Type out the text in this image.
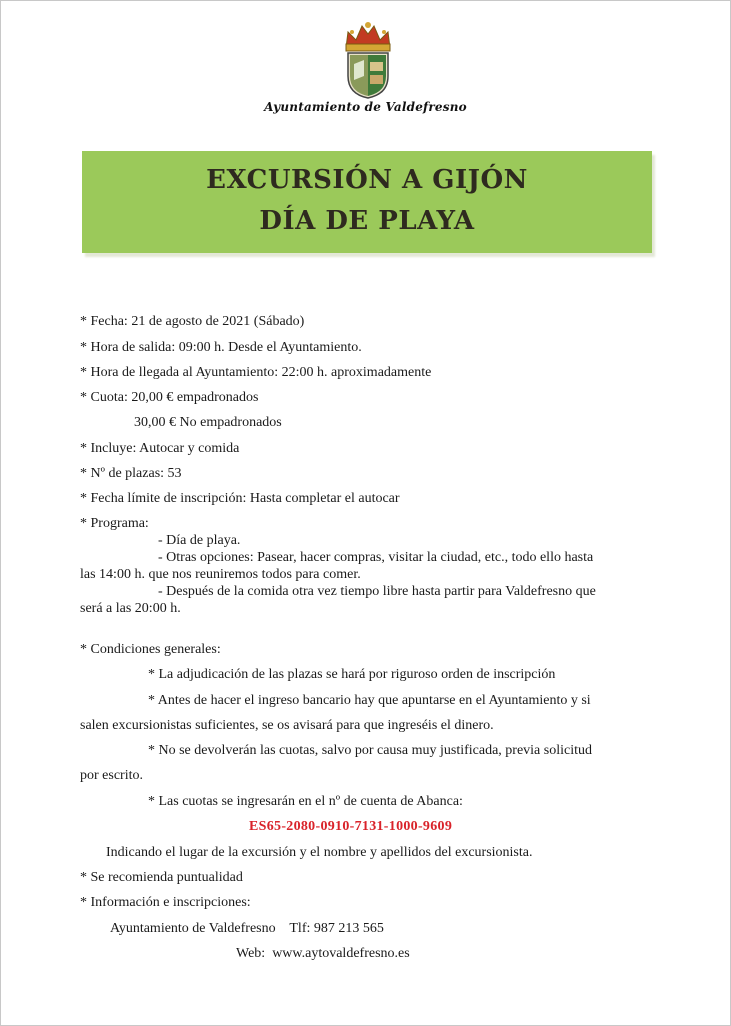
Ayuntamiento de Valdefresno
EXCURSIÓN A GIJÓN
DÍA DE PLAYA
* Fecha: 21 de agosto de 2021 (Sábado)
* Hora de salida: 09:00 h. Desde el Ayuntamiento.
* Hora de llegada al Ayuntamiento: 22:00 h. aproximadamente
* Cuota: 20,00 € empadronados
30,00 € No empadronados
* Incluye: Autocar y comida
* Nº de plazas: 53
* Fecha límite de inscripción: Hasta completar el autocar
* Programa:
- Día de playa.
- Otras opciones: Pasear, hacer compras, visitar la ciudad, etc., todo ello hasta
las 14:00 h. que nos reuniremos todos para comer.
- Después de la comida otra vez tiempo libre hasta partir para Valdefresno que
será a las 20:00 h.
* Condiciones generales:
* La adjudicación de las plazas se hará por riguroso orden de inscripción
* Antes de hacer el ingreso bancario hay que apuntarse en el Ayuntamiento y si
salen excursionistas suficientes, se os avisará para que ingreséis el dinero.
* No se devolverán las cuotas, salvo por causa muy justificada, previa solicitud
por escrito.
* Las cuotas se ingresarán en el nº de cuenta de Abanca:
ES65-2080-0910-7131-1000-9609
Indicando el lugar de la excursión y el nombre y apellidos del excursionista.
* Se recomienda puntualidad
* Información e inscripciones:
Ayuntamiento de Valdefresno    Tlf: 987 213 565
Web:  www.aytovaldefresno.es
